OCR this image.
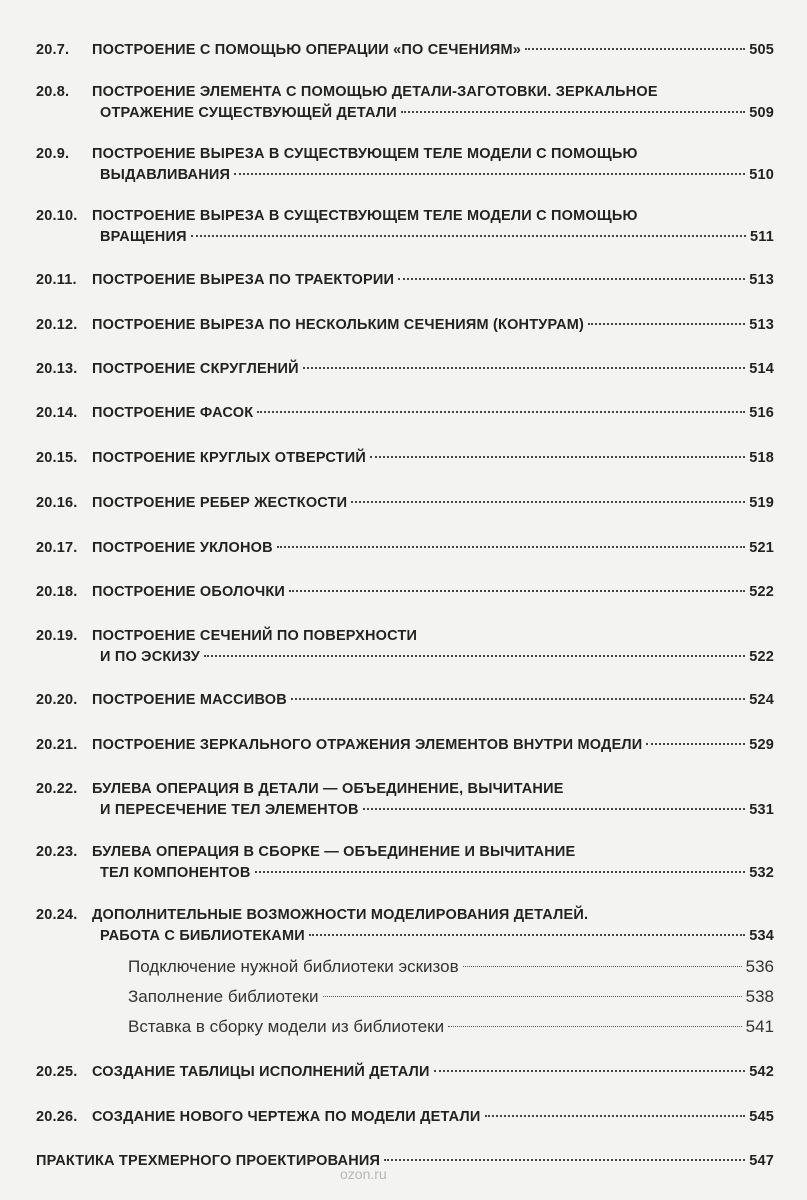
20.7.	ПОСТРОЕНИЕ С ПОМОЩЬЮ ОПЕРАЦИИ «ПО СЕЧЕНИЯМ»	505
20.8.	ПОСТРОЕНИЕ ЭЛЕМЕНТА С ПОМОЩЬЮ ДЕТАЛИ-ЗАГОТОВКИ. ЗЕРКАЛЬНОЕ
ОТРАЖЕНИЕ СУЩЕСТВУЮЩЕЙ ДЕТАЛИ	509
20.9.	ПОСТРОЕНИЕ ВЫРЕЗА В СУЩЕСТВУЮЩЕМ ТЕЛЕ МОДЕЛИ С ПОМОЩЬЮ
ВЫДАВЛИВАНИЯ	510
20.10. ПОСТРОЕНИЕ ВЫРЕЗА В СУЩЕСТВУЮЩЕМ ТЕЛЕ МОДЕЛИ С ПОМОЩЬЮ
ВРАЩЕНИЯ	511
20.11.	ПОСТРОЕНИЕ ВЫРЕЗА ПО ТРАЕКТОРИИ	513
20.12. ПОСТРОЕНИЕ ВЫРЕЗА ПО НЕСКОЛЬКИМ СЕЧЕНИЯМ (КОНТУРАМ)	513
20.13. ПОСТРОЕНИЕ СКРУГЛЕНИЙ	514
20.14. ПОСТРОЕНИЕ ФАСОК	516
20.15. ПОСТРОЕНИЕ КРУГЛЫХ ОТВЕРСТИЙ	518
20.16. ПОСТРОЕНИЕ РЕБЕР ЖЕСТКОСТИ	519
20.17. ПОСТРОЕНИЕ УКЛОНОВ	521
20.18. ПОСТРОЕНИЕ ОБОЛОЧКИ	522
20.19. ПОСТРОЕНИЕ СЕЧЕНИЙ ПО ПОВЕРХНОСТИ
И ПО ЭСКИЗУ	522
20.20. ПОСТРОЕНИЕ МАССИВОВ	524
20.21. ПОСТРОЕНИЕ ЗЕРКАЛЬНОГО ОТРАЖЕНИЯ ЭЛЕМЕНТОВ ВНУТРИ МОДЕЛИ	529
20.22. БУЛЕВА ОПЕРАЦИЯ В ДЕТАЛИ — ОБЪЕДИНЕНИЕ, ВЫЧИТАНИЕ
И ПЕРЕСЕЧЕНИЕ ТЕЛ ЭЛЕМЕНТОВ	531
20.23. БУЛЕВА ОПЕРАЦИЯ В СБОРКЕ — ОБЪЕДИНЕНИЕ И ВЫЧИТАНИЕ
ТЕЛ КОМПОНЕНТОВ	532
20.24. ДОПОЛНИТЕЛЬНЫЕ ВОЗМОЖНОСТИ МОДЕЛИРОВАНИЯ ДЕТАЛЕЙ.
РАБОТА С БИБЛИОТЕКАМИ	534
Подключение нужной библиотеки эскизов	536
Заполнение библиотеки	538
Вставка в сборку модели из библиотеки	541
20.25. СОЗДАНИЕ ТАБЛИЦЫ ИСПОЛНЕНИЙ ДЕТАЛИ	542
20.26. СОЗДАНИЕ НОВОГО ЧЕРТЕЖА ПО МОДЕЛИ ДЕТАЛИ	545
ПРАКТИКА ТРЕХМЕРНОГО ПРОЕКТИРОВАНИЯ	547
ozon.ru
